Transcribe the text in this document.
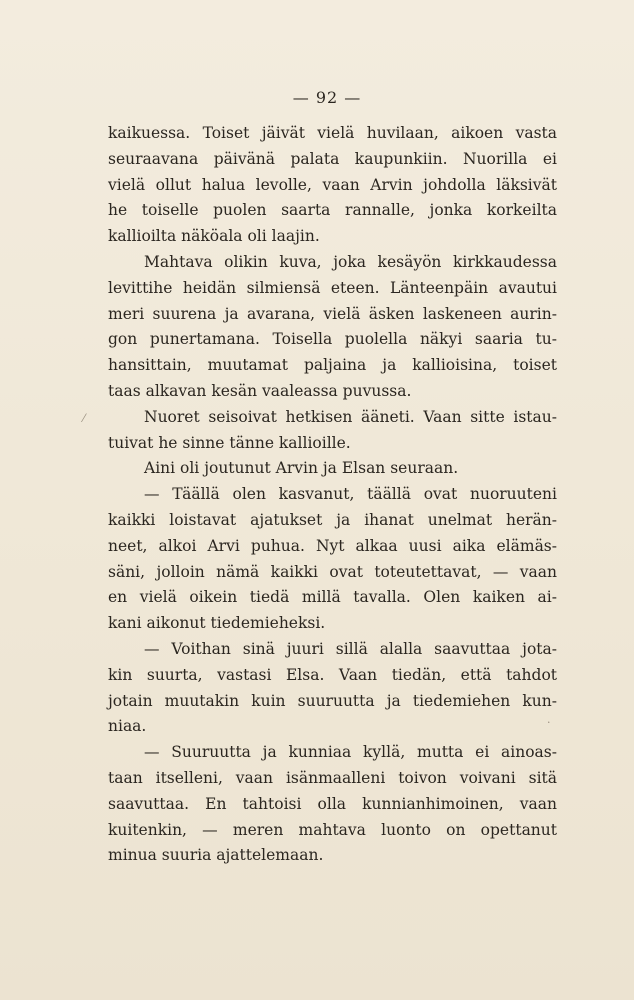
— 92 —
kaikuessa. Toiset jäivät vielä huvilaan, aikoen vasta
seuraavana päivänä palata kaupunkiin. Nuorilla ei
vielä ollut halua levolle, vaan Arvin johdolla läksivät
he toiselle puolen saarta rannalle, jonka korkeilta
kallioilta näköala oli laajin.
Mahtava olikin kuva, joka kesäyön kirkkaudessa
levittihe heidän silmiensä eteen. Länteenpäin avautui
meri suurena ja avarana, vielä äsken laskeneen aurin-
gon punertamana. Toisella puolella näkyi saaria tu-
hansittain, muutamat paljaina ja kallioisina, toiset
taas alkavan kesän vaaleassa puvussa.
Nuoret seisoivat hetkisen ääneti. Vaan sitte istau-
tuivat he sinne tänne kallioille.
Aini oli joutunut Arvin ja Elsan seuraan.
— Täällä olen kasvanut, täällä ovat nuoruuteni
kaikki loistavat ajatukset ja ihanat unelmat herän-
neet, alkoi Arvi puhua. Nyt alkaa uusi aika elämäs-
säni, jolloin nämä kaikki ovat toteutettavat, — vaan
en vielä oikein tiedä millä tavalla. Olen kaiken ai-
kani aikonut tiedemieheksi.
— Voithan sinä juuri sillä alalla saavuttaa jota-
kin suurta, vastasi Elsa. Vaan tiedän, että tahdot
jotain muutakin kuin suuruutta ja tiedemiehen kun-
niaa.
— Suuruutta ja kunniaa kyllä, mutta ei ainoas-
taan itselleni, vaan isänmaalleni toivon voivani sitä
saavuttaa. En tahtoisi olla kunnianhimoinen, vaan
kuitenkin, — meren mahtava luonto on opettanut
minua suuria ajattelemaan.
⁄
·
